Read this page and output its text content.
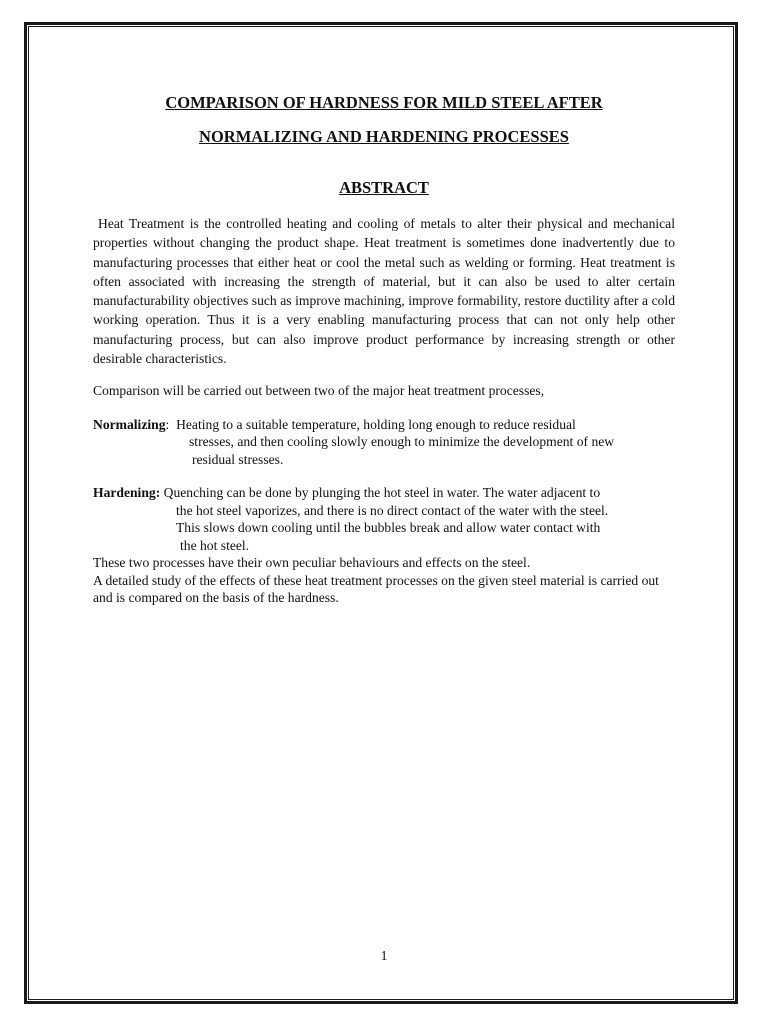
COMPARISON OF HARDNESS FOR MILD STEEL AFTER

NORMALIZING AND HARDENING PROCESSES

ABSTRACT

Heat Treatment is the controlled heating and cooling of metals to alter their physical and mechanical properties without changing the product shape. Heat treatment is sometimes done inadvertently due to manufacturing processes that either heat or cool the metal such as welding or forming. Heat treatment is often associated with increasing the strength of material, but it can also be used to alter certain manufacturability objectives such as improve machining, improve formability, restore ductility after a cold working operation. Thus it is a very enabling manufacturing process that can not only help other manufacturing process, but can also improve product performance by increasing strength or other desirable characteristics.

Comparison will be carried out between two of the major heat treatment processes,

Normalizing: Heating to a suitable temperature, holding long enough to reduce residual
stresses, and then cooling slowly enough to minimize the development of new
residual stresses.
Hardening: Quenching can be done by plunging the hot steel in water. The water adjacent to
the hot steel vaporizes, and there is no direct contact of the water with the steel.
This slows down cooling until the bubbles break and allow water contact with
the hot steel.

These two processes have their own peculiar behaviours and effects on the steel.

A detailed study of the effects of these heat treatment processes on the given steel material is carried out and is compared on the basis of the hardness.

1
